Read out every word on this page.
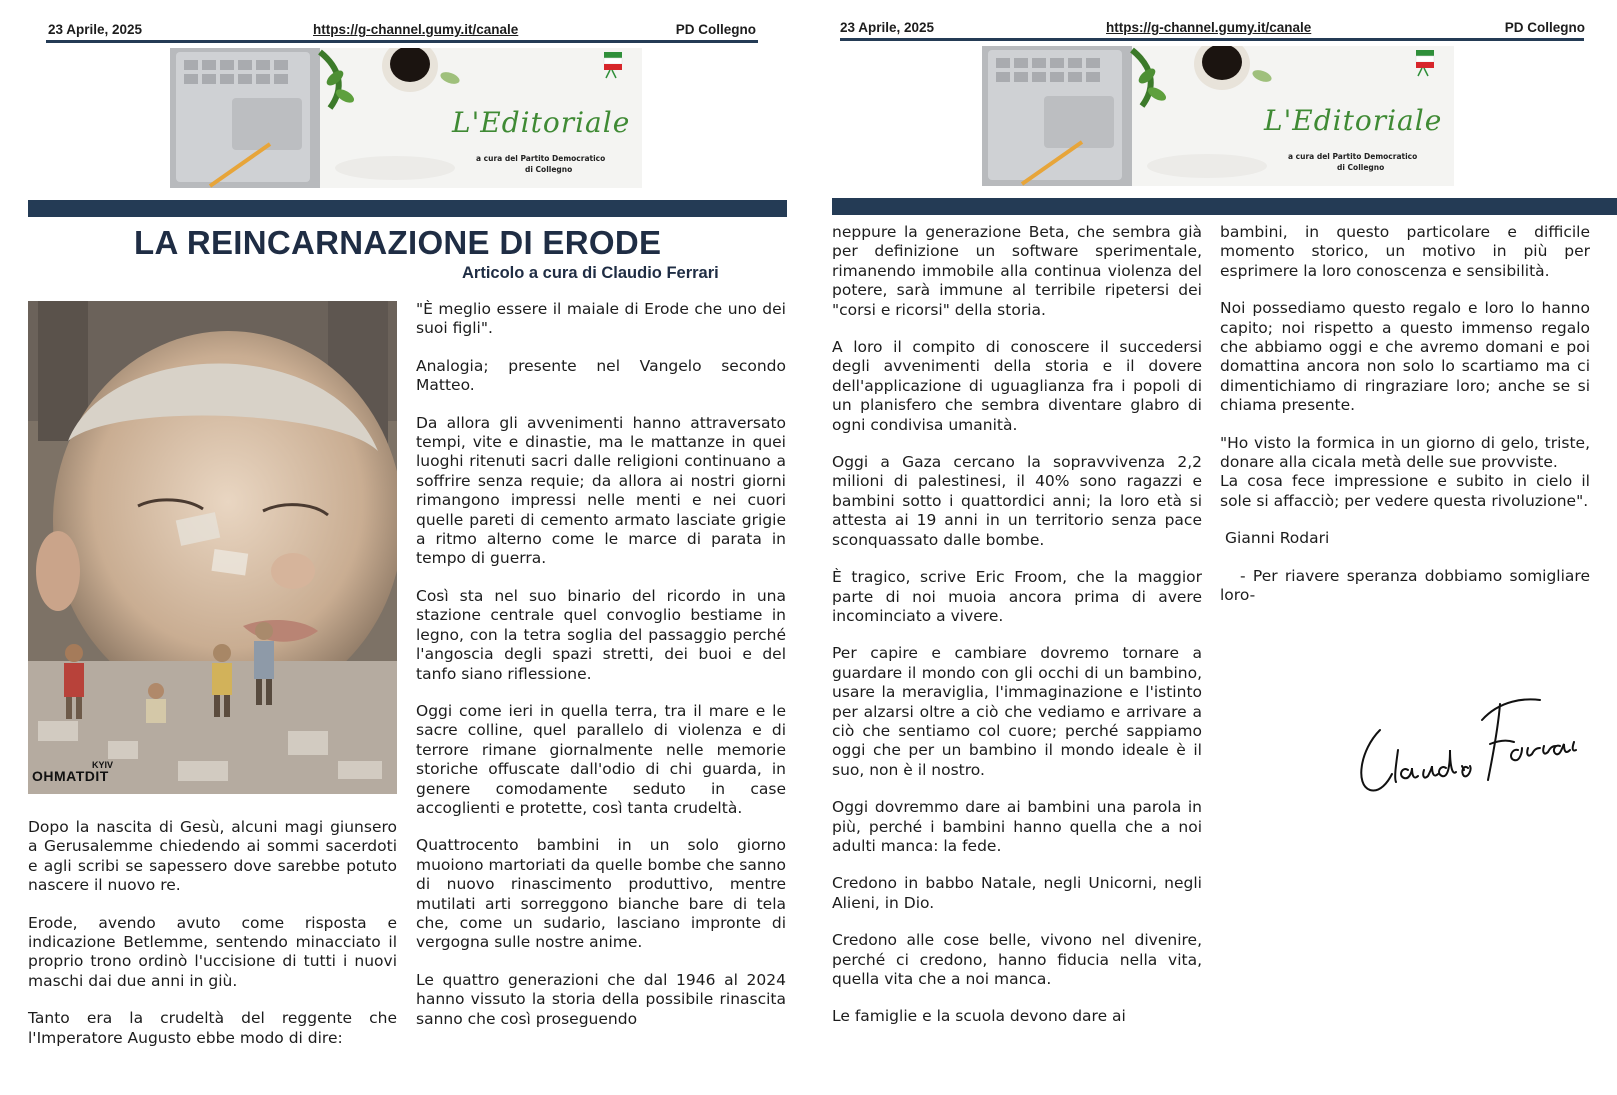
23 Aprile, 2025	https://g-channel.gumy.it/canale	PD Collegno
L'Editoriale
a cura del Partito Democratico
di Collegno
LA REINCARNAZIONE DI ERODE
Articolo a cura di Claudio Ferrari
KYIV
OHMATDIT

Dopo la nascita di Gesù, alcuni magi giunsero a Gerusalemme chiedendo ai sommi sacerdoti e agli scribi se sapessero dove sarebbe potuto nascere il nuovo re.

Erode, avendo avuto come risposta e indicazione Betlemme, sentendo minacciato il proprio trono ordinò l'uccisione di tutti i nuovi maschi dai due anni in giù.

Tanto era la crudeltà del reggente che l'Imperatore Augusto ebbe modo di dire:

"È meglio essere il maiale di Erode che uno dei suoi figli".

Analogia; presente nel Vangelo secondo Matteo.

Da allora gli avvenimenti hanno attraversato tempi, vite e dinastie, ma le mattanze in quei luoghi ritenuti sacri dalle religioni continuano a soffrire senza requie; da allora ai nostri giorni rimangono impressi nelle menti e nei cuori quelle pareti di cemento armato lasciate grigie a ritmo alterno come le marce di parata in tempo di guerra.

Così sta nel suo binario del ricordo in una stazione centrale quel convoglio bestiame in legno, con la tetra soglia del passaggio perché l'angoscia degli spazi stretti, dei buoi e del tanfo siano riflessione.

Oggi come ieri in quella terra, tra il mare e le sacre colline, quel parallelo di violenza e di terrore rimane giornalmente nelle memorie storiche offuscate dall'odio di chi guarda, in genere comodamente seduto in case accoglienti e protette, così tanta crudeltà.

Quattrocento bambini in un solo giorno muoiono martoriati da quelle bombe che sanno di nuovo rinascimento produttivo, mentre mutilati arti sorreggono bianche bare di tela che, come un sudario, lasciano impronte di vergogna sulle nostre anime.

Le quattro generazioni che dal 1946 al 2024 hanno vissuto la storia della possibile rinascita sanno che così proseguendo

23 Aprile, 2025	https://g-channel.gumy.it/canale	PD Collegno
L'Editoriale
a cura del Partito Democratico
di Collegno

neppure la generazione Beta, che sembra già per definizione un software sperimentale, rimanendo immobile alla continua violenza del potere, sarà immune al terribile ripetersi dei "corsi e ricorsi" della storia.

A loro il compito di conoscere il succedersi degli avvenimenti della storia e il dovere dell'applicazione di uguaglianza fra i popoli di un planisfero che sembra diventare glabro di ogni condivisa umanità.

Oggi a Gaza cercano la sopravvivenza 2,2 milioni di palestinesi, il 40% sono ragazzi e bambini sotto i quattordici anni; la loro età si attesta ai 19 anni in un territorio senza pace sconquassato dalle bombe.

È tragico, scrive Eric Froom, che la maggior parte di noi muoia ancora prima di avere incominciato a vivere.

Per capire e cambiare dovremo tornare a guardare il mondo con gli occhi di un bambino, usare la meraviglia, l'immaginazione e l'istinto per alzarsi oltre a ciò che vediamo e arrivare a ciò che sentiamo col cuore; perché sappiamo oggi che per un bambino il mondo ideale è il suo, non è il nostro.

Oggi dovremmo dare ai bambini una parola in più, perché i bambini hanno quella che a noi adulti manca: la fede.

Credono in babbo Natale, negli Unicorni, negli Alieni, in Dio.

Credono alle cose belle, vivono nel divenire, perché ci credono, hanno fiducia nella vita, quella vita che a noi manca.

Le famiglie e la scuola devono dare ai

bambini, in questo particolare e difficile momento storico, un motivo in più per esprimere la loro conoscenza e sensibilità.

Noi possediamo questo regalo e loro lo hanno capito; noi rispetto a questo immenso regalo che abbiamo oggi e che avremo domani e poi domattina ancora non solo lo scartiamo ma ci dimentichiamo di ringraziare loro; anche se si chiama presente.

"Ho visto la formica in un giorno di gelo, triste, donare alla cicala metà delle sue provviste.

La cosa fece impressione e subito in cielo il sole si affacciò; per vedere questa rivoluzione".

Gianni Rodari

- Per riavere speranza dobbiamo somigliare loro-
